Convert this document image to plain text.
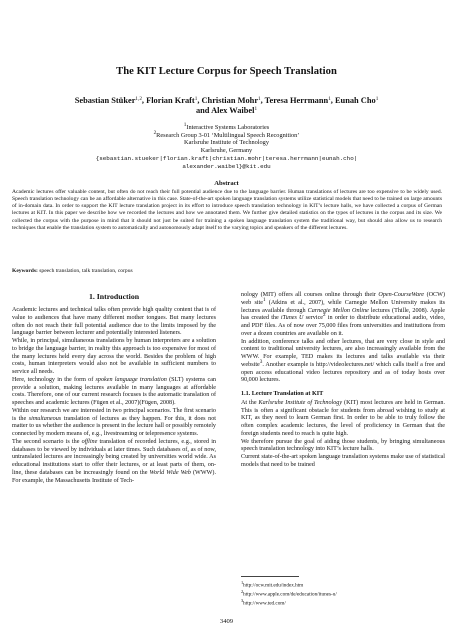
The KIT Lecture Corpus for Speech Translation
Sebastian Stüker$^{1,2}$, Florian Kraft$^1$, Christian Mohr$^1$, Teresa Herrmann$^1$, Eunah Cho$^1$
and Alex Waibel$^1$
$^1$Interactive Systems Laboratories
$^2$Research Group 3-01 ‘Multilingual Speech Recognition’
Karlsruhe Institute of Technology
Karlsruhe, Germany
{sebastian.stueker|florian.kraft|christian.mohr|teresa.herrmann|eunah.cho|
alexander.waibel}@kit.edu
Abstract
Academic lectures offer valuable content, but often do not reach their full potential audience due to the language barrier. Human translations of lectures are too expensive to be widely used. Speech translation technology can be an affordable alternative in this case. State-of-the-art spoken language translation systems utilize statistical models that need to be trained on large amounts of in-domain data. In order to support the KIT lecture translation project in its effort to introduce speech translation technology in KIT’s lecture halls, we have collected a corpus of German lectures at KIT. In this paper we describe how we recorded the lectures and how we annotated them. We further give detailed statistics on the types of lectures in the corpus and its size. We collected the corpus with the purpose in mind that it should not just be suited for training a spoken language translation system the traditional way, but should also allow us to research techniques that enable the translation system to automatically and autonomously adapt itself to the varying topics and speakers of the different lectures.
Keywords: speech translation, talk translation, corpus
1. Introduction

Academic lectures and technical talks often provide high quality content that is of value to audiences that have many different mother tongues. But many lectures often do not reach their full potential audience due to the limits imposed by the language barrier between lecturer and potentially interested listeners.

While, in principal, simultaneous translations by human interpreters are a solution to bridge the language barrier, in reality this approach is too expensive for most of the many lectures held every day across the world. Besides the problem of high costs, human interpreters would also not be available in sufficient numbers to service all needs.

Here, technology in the form of spoken language translation (SLT) systems can provide a solution, making lectures available in many languages at affordable costs. Therefore, one of our current research focuses is the automatic translation of speeches and academic lectures (Fügen et al., 2007)(Fügen, 2008).

Within our research we are interested in two principal scenarios. The first scenario is the simultaneous translation of lectures as they happen. For this, it does not matter to us whether the audience is present in the lecture hall or possibly remotely connected by modern means of, e.g., livestreaming or telepresence systems.

The second scenario is the offline translation of recorded lectures, e.g., stored in databases to be viewed by individuals at later times. Such databases of, as of now, untranslated lectures are increasingly being created by universities world wide. As educational institutions start to offer their lectures, or at least parts of them, on-line, these databases can be increasingly found on the World Wide Web (WWW). For example, the Massachusetts Institute of Tech-

nology (MIT) offers all courses online through their Open-CourseWare (OCW) web site$^1$ (Atkins et al., 2007), while Carnegie Mellon University makes its lectures available through Carnegie Mellon Online lectures (Thille, 2008). Apple has created the iTunes U service$^2$ in order to distribute educational audio, video, and PDF files. As of now over 75,000 files from universities and institutions from over a dozen countries are available on it.

In addition, conference talks and other lectures, that are very close in style and content to traditional university lectures, are also increasingly available from the WWW. For example, TED makes its lectures and talks available via their website$^3$. Another example is http://videolectures.net/ which calls itself a free and open access educational video lectures repository and as of today hosts over 90,000 lectures.

1.1. Lecture Translation at KIT

At the Karlsruhe Institute of Technology (KIT) most lectures are held in German. This is often a significant obstacle for students from abroad wishing to study at KIT, as they need to learn German first. In order to be able to truly follow the often complex academic lectures, the level of proficiency in German that the foreign students need to reach is quite high.

We therefore pursue the goal of aiding those students, by bringing simultaneous speech translation technology into KIT’s lecture halls.

Current state-of-the-art spoken language translation systems make use of statistical models that need to be trained

$^1$http://ocw.mit.edu/index.htm
$^2$http://www.apple.com/de/education/itunes-u/
$^3$http://www.ted.com/
3409
